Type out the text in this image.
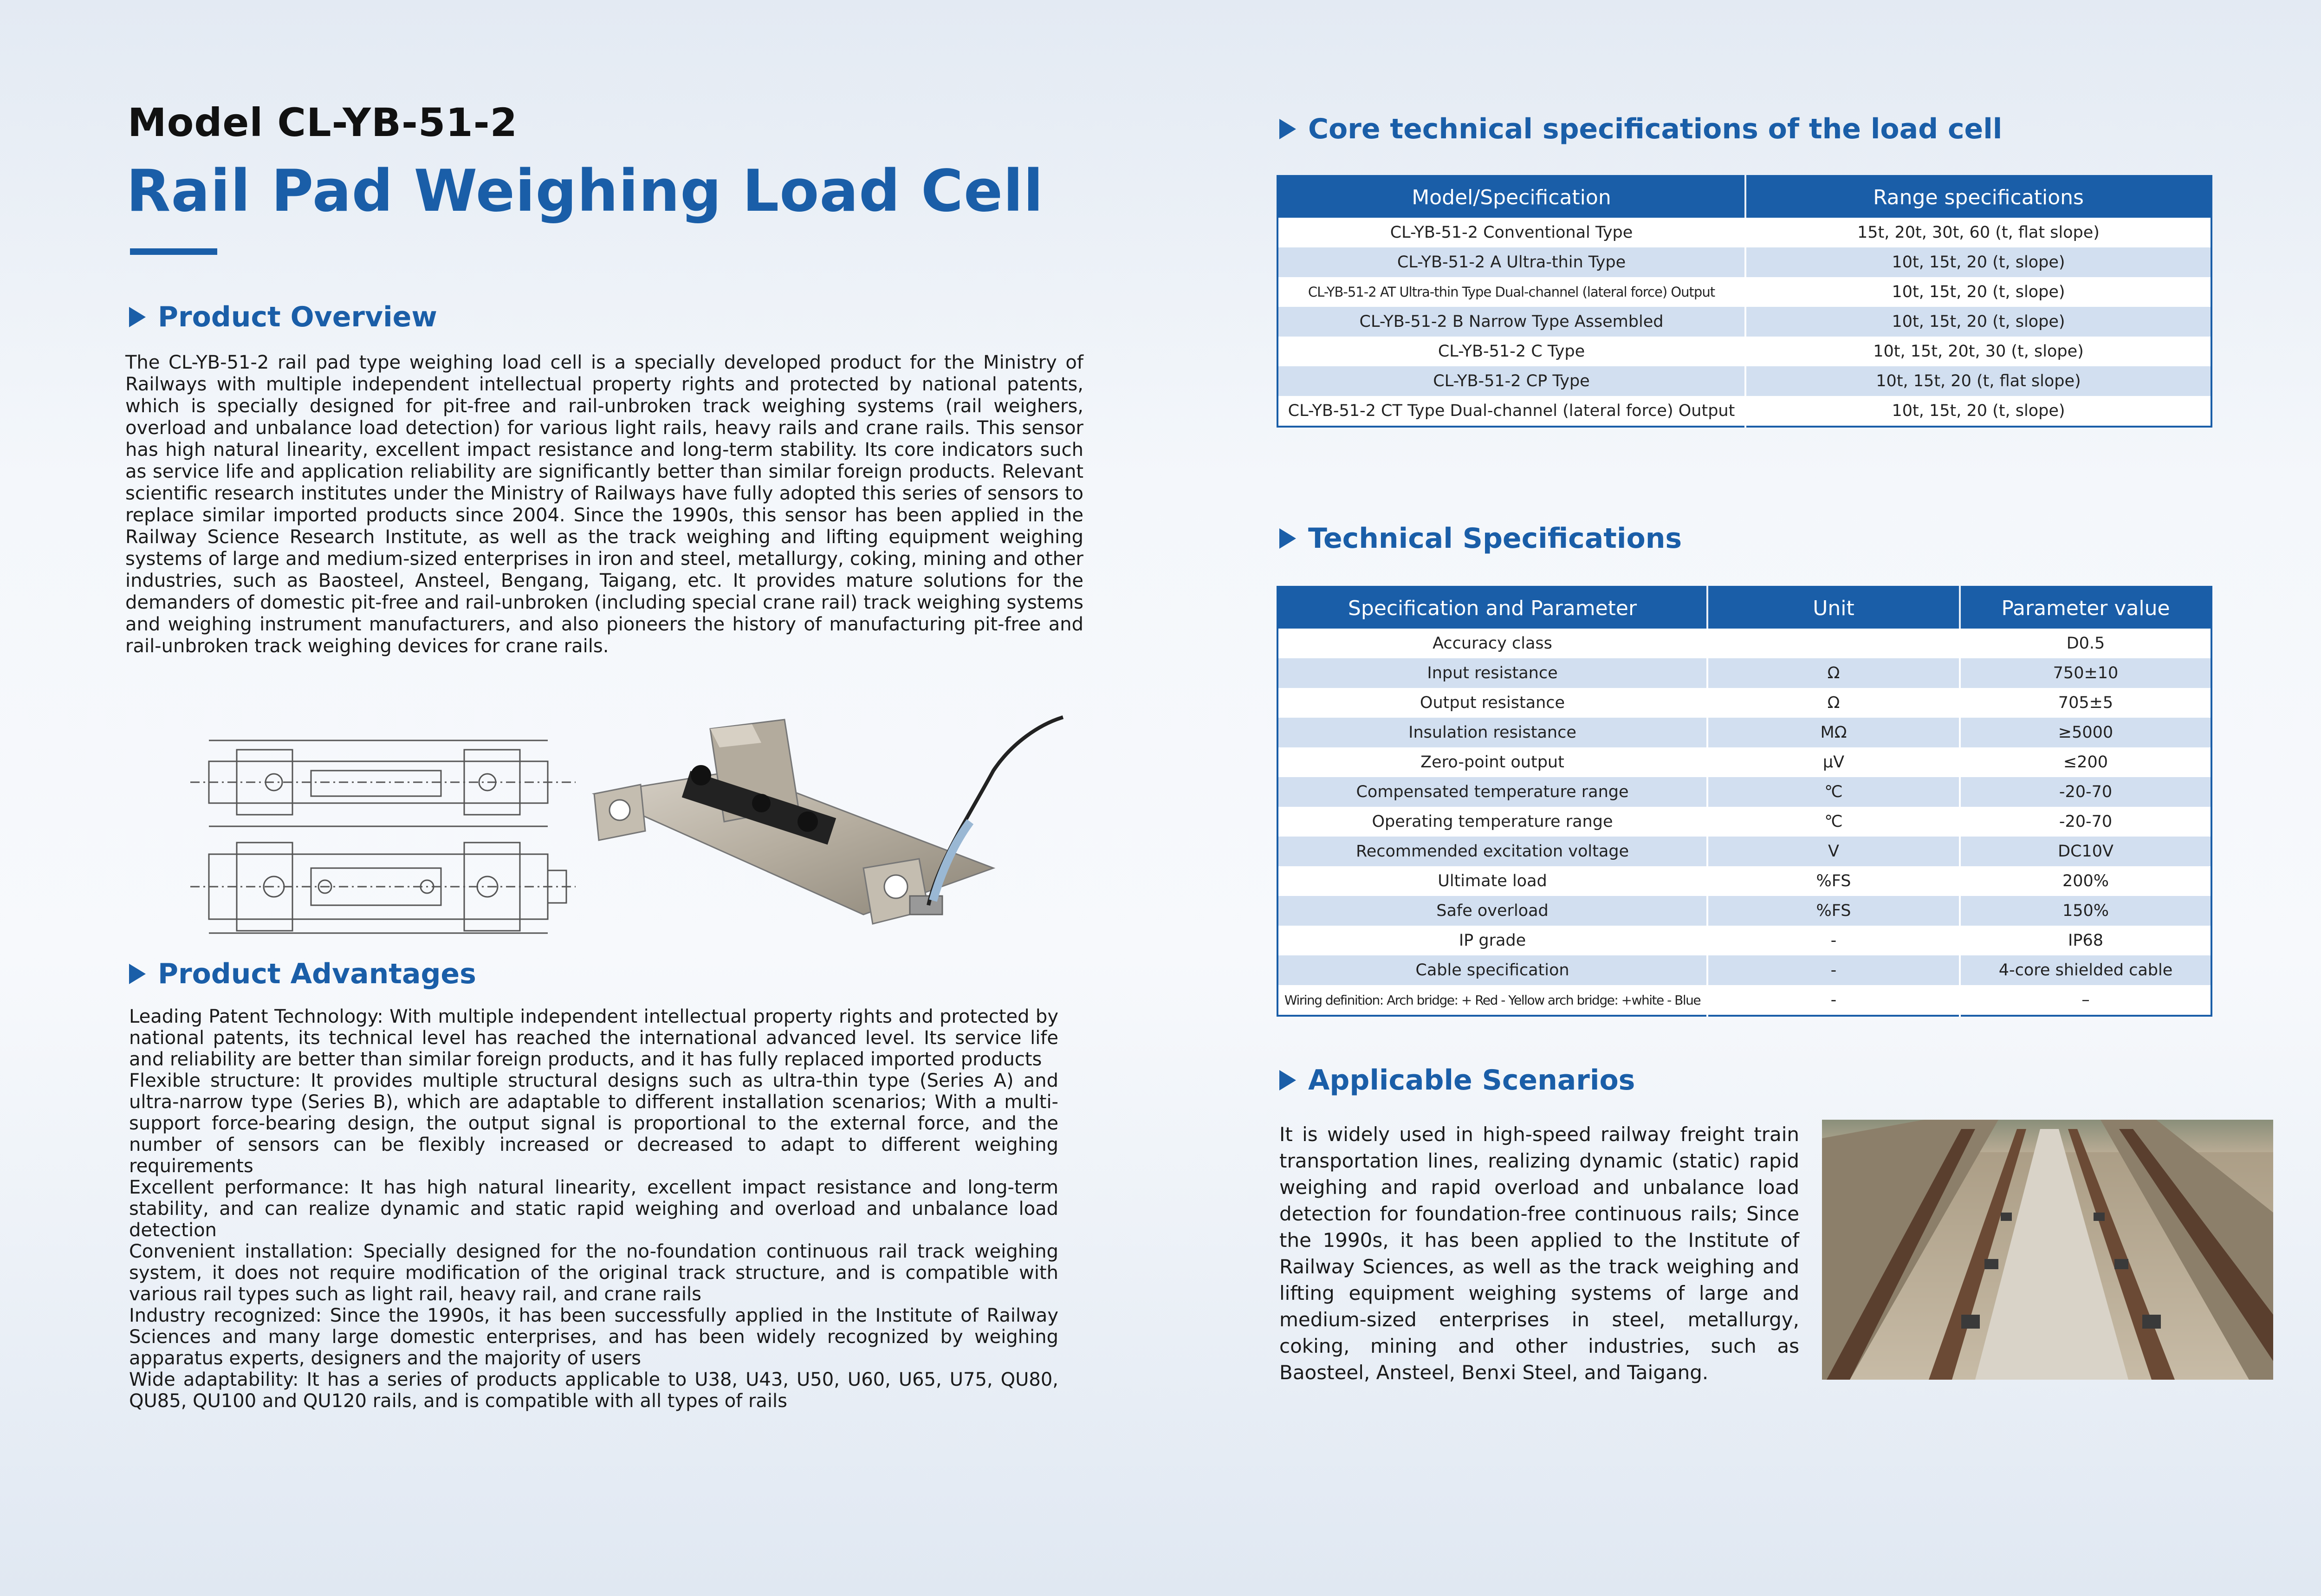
Model CL-YB-51-2
Rail Pad Weighing Load Cell
Product Overview

The CL-YB-51-2 rail pad type weighing load cell is a specially developed product for the Ministry of Railways with multiple independent intellectual property rights and protected by national patents, which is specially designed for pit-free and rail-unbroken track weighing systems (rail weighers, overload and unbalance load detection) for various light rails, heavy rails and crane rails. This sensor has high natural linearity, excellent impact resistance and long-term stability. Its core indicators such as service life and application reliability are significantly better than similar foreign products. Relevant scientific research institutes under the Ministry of Railways have fully adopted this series of sensors to replace similar imported products since 2004. Since the 1990s, this sensor has been applied in the Railway Science Research Institute, as well as the track weighing and lifting equipment weighing systems of large and medium-sized enterprises in iron and steel, metallurgy, coking, mining and other industries, such as Baosteel, Ansteel, Bengang, Taigang, etc. It provides mature solutions for the demanders of domestic pit-free and rail-unbroken (including special crane rail) track weighing systems and weighing instrument manufacturers, and also pioneers the history of manufacturing pit-free and rail-unbroken track weighing devices for crane rails.

Product Advantages

Leading Patent Technology: With multiple independent intellectual property rights and protected by national patents, its technical level has reached the international advanced level. Its service life and reliability are better than similar foreign products, and it has fully replaced imported products

Flexible structure: It provides multiple structural designs such as ultra-thin type (Series A) and ultra-narrow type (Series B), which are adaptable to different installation scenarios; With a multi-support force-bearing design, the output signal is proportional to the external force, and the number of sensors can be flexibly increased or decreased to adapt to different weighing requirements

Excellent performance: It has high natural linearity, excellent impact resistance and long-term stability, and can realize dynamic and static rapid weighing and overload and unbalance load detection

Convenient installation: Specially designed for the no-foundation continuous rail track weighing system, it does not require modification of the original track structure, and is compatible with various rail types such as light rail, heavy rail, and crane rails

Industry recognized: Since the 1990s, it has been successfully applied in the Institute of Railway Sciences and many large domestic enterprises, and has been widely recognized by weighing apparatus experts, designers and the majority of users

Wide adaptability: It has a series of products applicable to U38, U43, U50, U60, U65, U75, QU80, QU85, QU100 and QU120 rails, and is compatible with all types of rails

Core technical specifications of the load cell
Model/Specification	Range specifications
CL-YB-51-2 Conventional Type	15t, 20t, 30t, 60 (t, flat slope)
CL-YB-51-2 A Ultra-thin Type	10t, 15t, 20 (t, slope)
CL-YB-51-2 AT Ultra-thin Type Dual-channel (lateral force) Output	10t, 15t, 20 (t, slope)
CL-YB-51-2 B Narrow Type Assembled	10t, 15t, 20 (t, slope)
CL-YB-51-2 C Type	10t, 15t, 20t, 30 (t, slope)
CL-YB-51-2 CP Type	10t, 15t, 20 (t, flat slope)
CL-YB-51-2 CT Type Dual-channel (lateral force) Output	10t, 15t, 20 (t, slope)
Technical Specifications
Specification and Parameter	Unit	Parameter value
Accuracy class		D0.5
Input resistance	Ω	750±10
Output resistance	Ω	705±5
Insulation resistance	MΩ	≥5000
Zero-point output	μV	≤200
Compensated temperature range	℃	-20-70
Operating temperature range	℃	-20-70
Recommended excitation voltage	V	DC10V
Ultimate load	%FS	200%
Safe overload	%FS	150%
IP grade	-	IP68
Cable specification	-	4-core shielded cable
Wiring definition: Arch bridge: + Red - Yellow arch bridge: +white - Blue	-	–
Applicable Scenarios

It is widely used in high-speed railway freight train transportation lines, realizing dynamic (static) rapid weighing and rapid overload and unbalance load detection for foundation-free continuous rails; Since the 1990s, it has been applied to the Institute of Railway Sciences, as well as the track weighing and lifting equipment weighing systems of large and medium-sized enterprises in steel, metallurgy, coking, mining and other industries, such as Baosteel, Ansteel, Benxi Steel, and Taigang.
